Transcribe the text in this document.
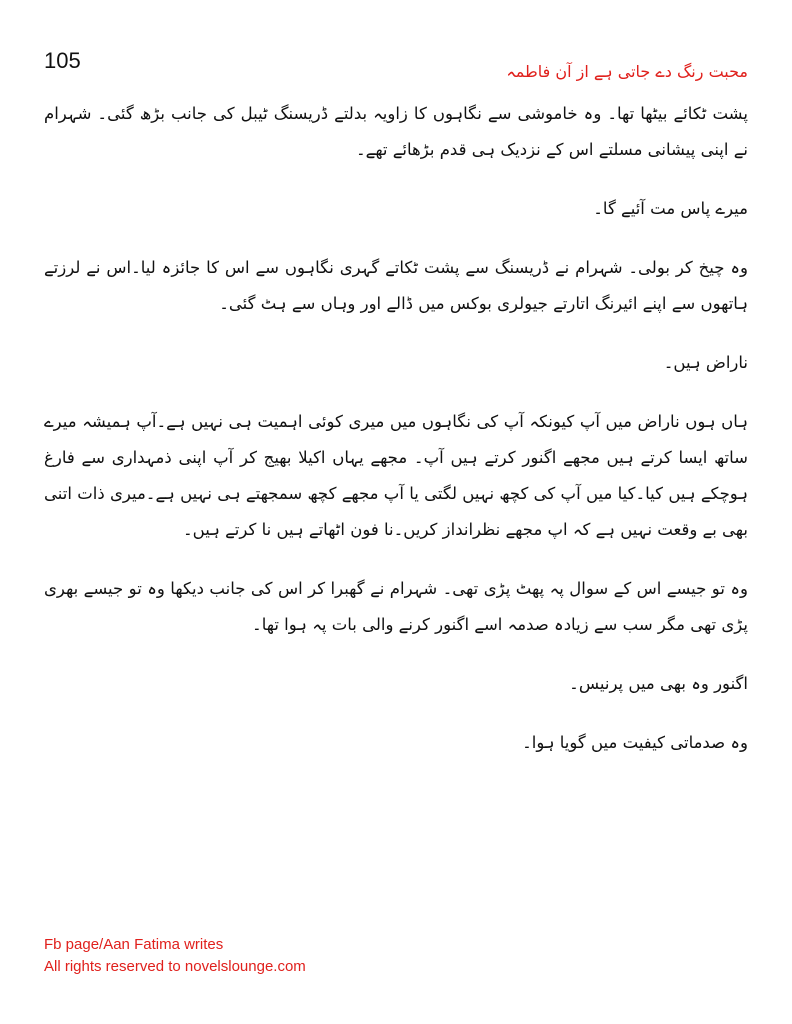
105	محبت رنگ دے جاتی ہے از آن فاطمہ

پشت ٹکائے بیٹھا تھا۔ وہ خاموشی سے نگاہوں کا زاویہ بدلتے ڈریسنگ ٹیبل کی جانب بڑھ گئی۔ شہرام نے اپنی پیشانی مسلتے اس کے نزدیک ہی قدم بڑھائے تھے۔

میرے پاس مت آئیے گا۔

وہ چیخ کر بولی۔ شہرام نے ڈریسنگ سے پشت ٹکاتے گہری نگاہوں سے اس کا جائزہ لیا۔اس نے لرزتے ہاتھوں سے اپنے ائیرنگ اتارتے جیولری بوکس میں ڈالے اور وہاں سے ہٹ گئی۔

ناراض ہیں۔

ہاں ہوں ناراض میں آپ کیونکہ آپ کی نگاہوں میں میری کوئی اہمیت ہی نہیں ہے۔آپ ہمیشہ میرے ساتھ ایسا کرتے ہیں مجھے اگنور کرتے ہیں آپ۔ مجھے یہاں اکیلا بھیج کر آپ اپنی ذمہداری سے فارغ ہوچکے ہیں کیا۔کیا میں آپ کی کچھ نہیں لگتی یا آپ مجھے کچھ سمجھتے ہی نہیں ہے۔میری ذات اتنی بھی بے وقعت نہیں ہے کہ اپ مجھے نظرانداز کریں۔نا فون اٹھاتے ہیں نا کرتے ہیں۔

وہ تو جیسے اس کے سوال پہ پھٹ پڑی تھی۔ شہرام نے گھبرا کر اس کی جانب دیکھا وہ تو جیسے بھری پڑی تھی مگر سب سے زیادہ صدمہ اسے اگنور کرنے والی بات پہ ہوا تھا۔

اگنور وہ بھی میں پرنیس۔

وہ صدماتی کیفیت میں گویا ہوا۔

Fb page/Aan Fatima writes
All rights reserved to novelslounge.com
